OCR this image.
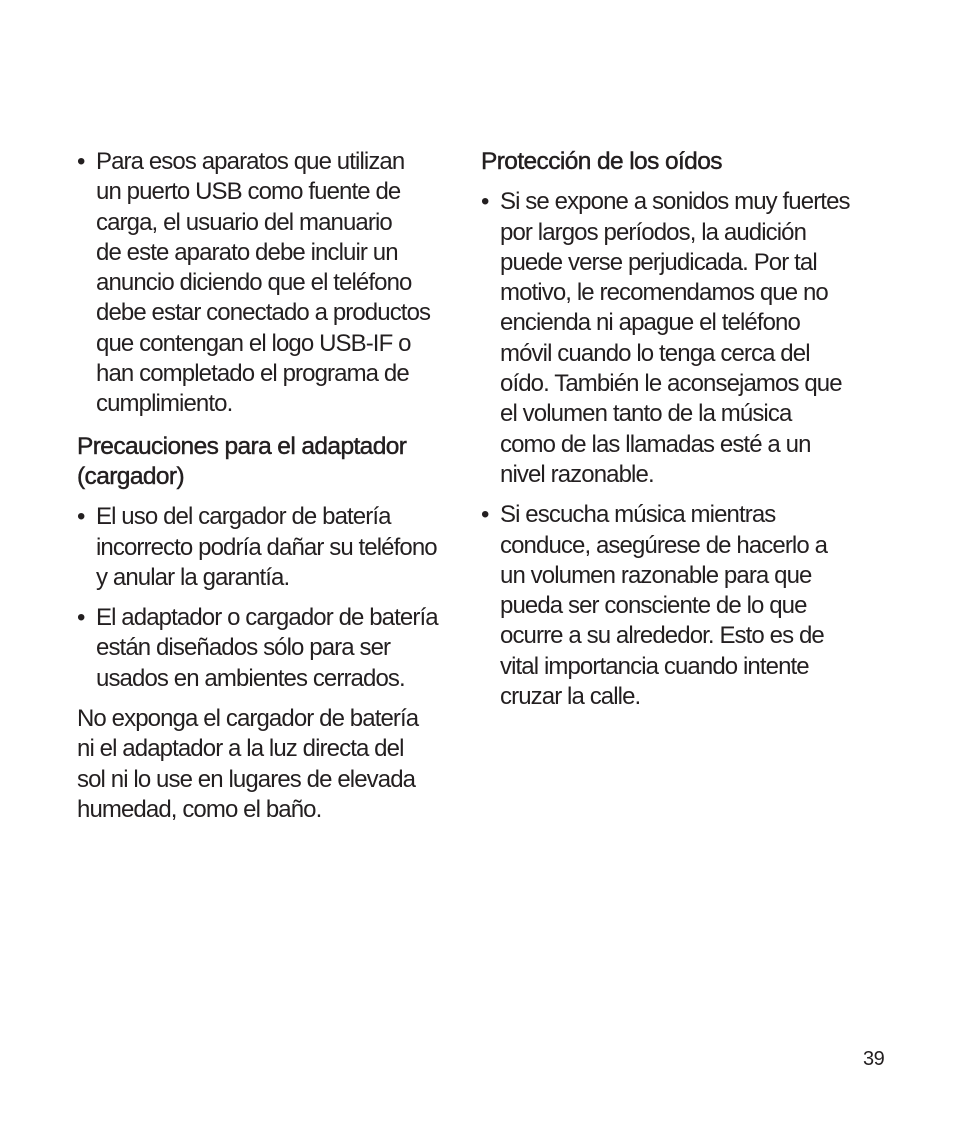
• Para esos aparatos que utilizan
un puerto USB como fuente de
carga, el usuario del manuario
de este aparato debe incluir un
anuncio diciendo que el teléfono
debe estar conectado a productos
que contengan el logo USB-IF o
han completado el programa de
cumplimiento.

Precauciones para el adaptador
(cargador)

• El uso del cargador de batería
incorrecto podría dañar su teléfono
y anular la garantía.

• El adaptador o cargador de batería
están diseñados sólo para ser
usados en ambientes cerrados.

No exponga el cargador de batería
ni el adaptador a la luz directa del
sol ni lo use en lugares de elevada
humedad, como el baño.

Protección de los oídos

• Si se expone a sonidos muy fuertes
por largos períodos, la audición
puede verse perjudicada. Por tal
motivo, le recomendamos que no
encienda ni apague el teléfono
móvil cuando lo tenga cerca del
oído. También le aconsejamos que
el volumen tanto de la música
como de las llamadas esté a un
nivel razonable.

• Si escucha música mientras
conduce, asegúrese de hacerlo a
un volumen razonable para que
pueda ser consciente de lo que
ocurre a su alrededor. Esto es de
vital importancia cuando intente
cruzar la calle.

39
